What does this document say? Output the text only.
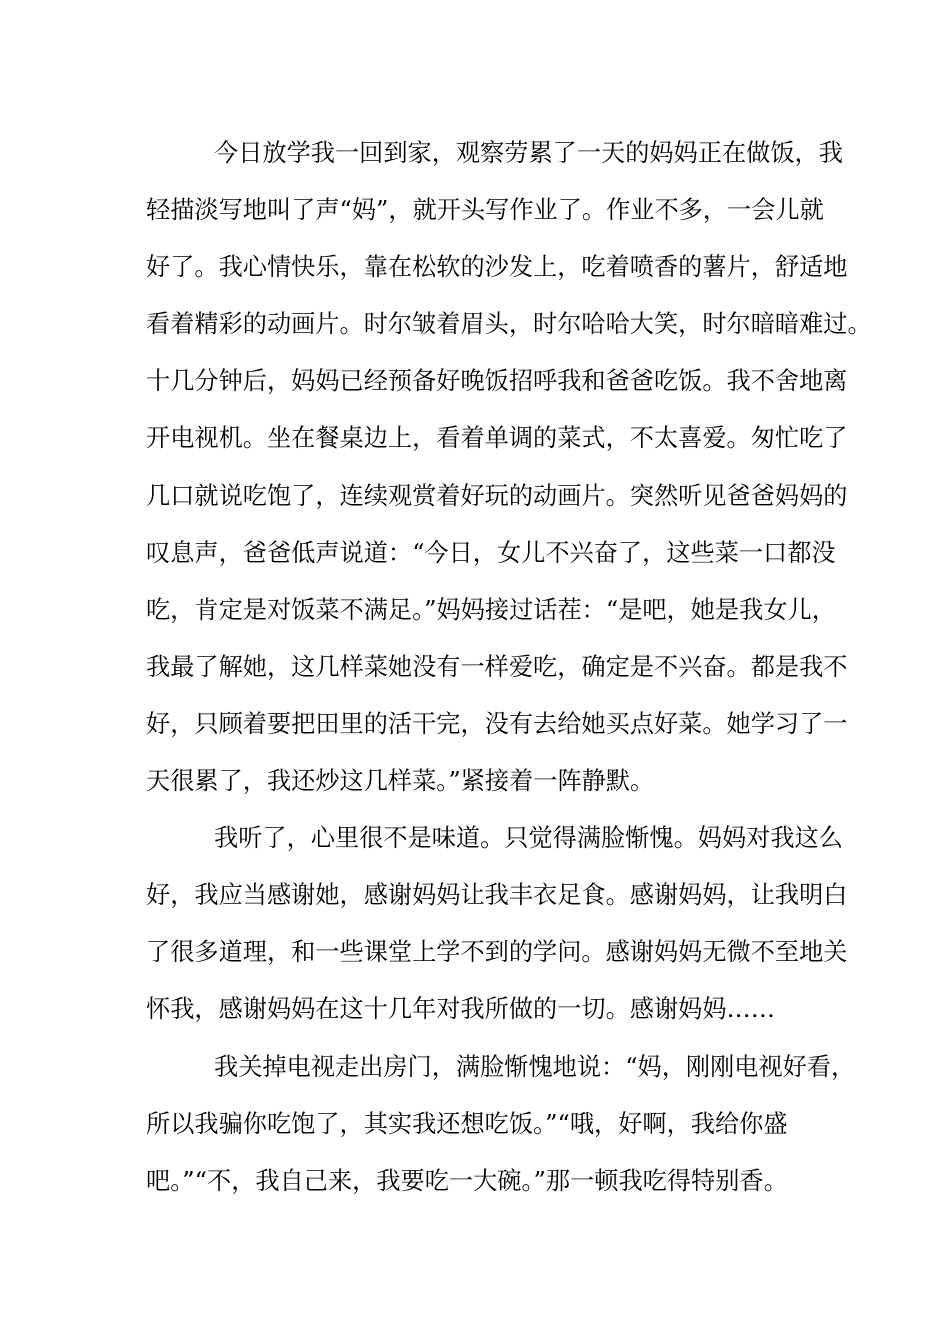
今日放学我一回到家，观察劳累了一天的妈妈正在做饭，我
轻描淡写地叫了声“妈”，就开头写作业了。作业不多，一会儿就
好了。我心情快乐，靠在松软的沙发上，吃着喷香的薯片，舒适地
看着精彩的动画片。时尔皱着眉头，时尔哈哈大笑，时尔暗暗难过。
十几分钟后，妈妈已经预备好晚饭招呼我和爸爸吃饭。我不舍地离
开电视机。坐在餐桌边上，看着单调的菜式，不太喜爱。匆忙吃了
几口就说吃饱了，连续观赏着好玩的动画片。突然听见爸爸妈妈的
叹息声，爸爸低声说道：“今日，女儿不兴奋了，这些菜一口都没
吃，肯定是对饭菜不满足。”妈妈接过话茬：“是吧，她是我女儿，
我最了解她，这几样菜她没有一样爱吃，确定是不兴奋。都是我不
好，只顾着要把田里的活干完，没有去给她买点好菜。她学习了一
天很累了，我还炒这几样菜。”紧接着一阵静默。
我听了，心里很不是味道。只觉得满脸惭愧。妈妈对我这么
好，我应当感谢她，感谢妈妈让我丰衣足食。感谢妈妈，让我明白
了很多道理，和一些课堂上学不到的学问。感谢妈妈无微不至地关
怀我，感谢妈妈在这十几年对我所做的一切。感谢妈妈……
我关掉电视走出房门，满脸惭愧地说：“妈，刚刚电视好看，
所以我骗你吃饱了，其实我还想吃饭。”“哦，好啊，我给你盛
吧。”“不，我自己来，我要吃一大碗。”那一顿我吃得特别香。
